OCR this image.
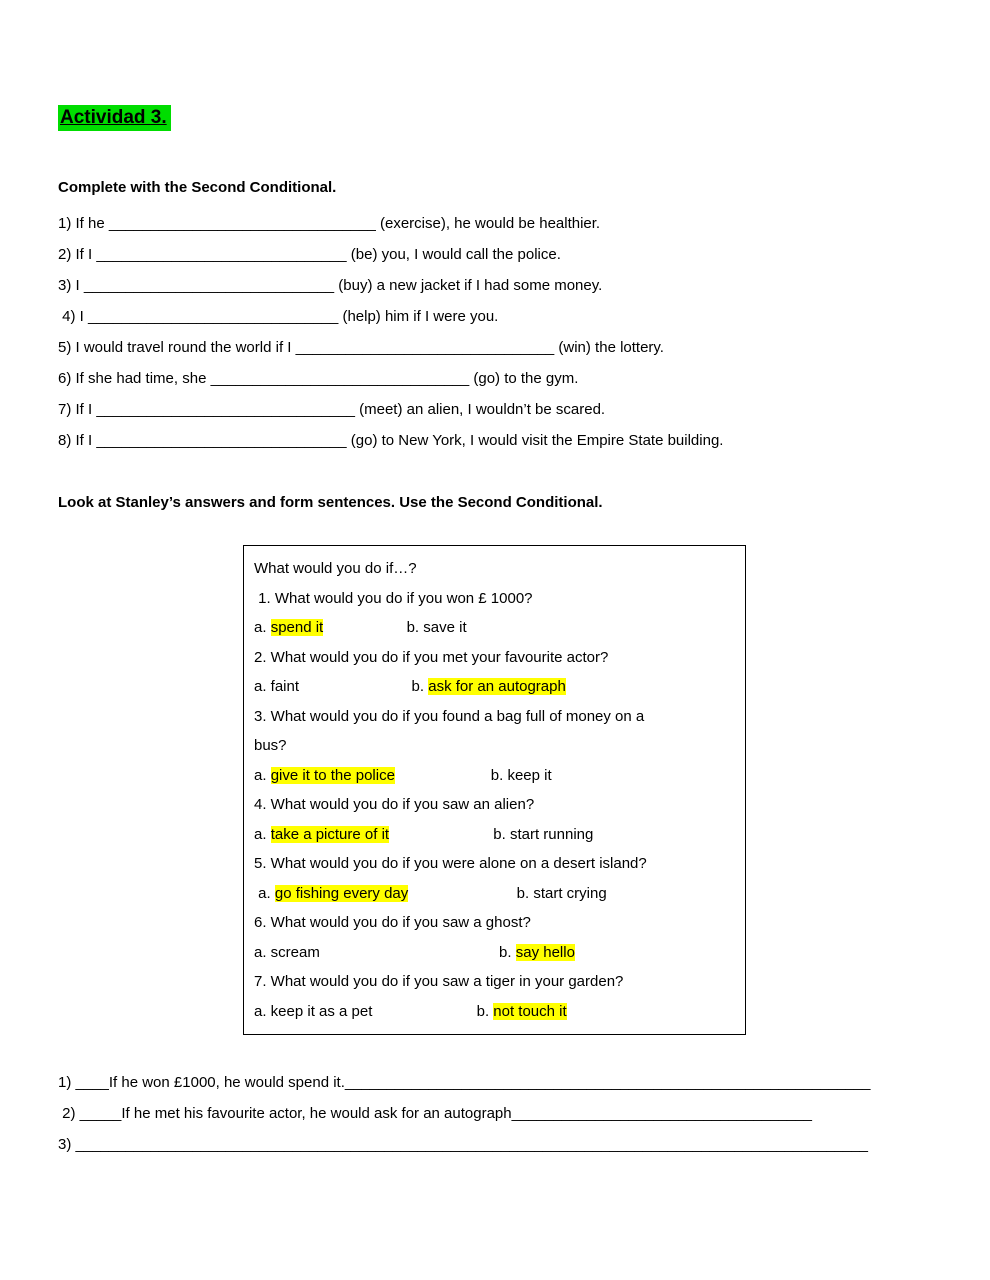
Actividad 3.

Complete with the Second Conditional.

1) If he ________________________________ (exercise), he would be healthier.
2) If I ______________________________ (be) you, I would call the police.
3) I ______________________________ (buy) a new jacket if I had some money.
4) I ______________________________ (help) him if I were you.
5) I would travel round the world if I _______________________________ (win) the lottery.
6) If she had time, she _______________________________ (go) to the gym.
7) If I _______________________________ (meet) an alien, I wouldn’t be scared.
8) If I ______________________________ (go) to New York, I would visit the Empire State building.

Look at Stanley’s answers and form sentences. Use the Second Conditional.

What would you do if…?
1. What would you do if you won £ 1000?
a. spend it                    b. save it
2. What would you do if you met your favourite actor?
a. faint                           b. ask for an autograph
3. What would you do if you found a bag full of money on a
bus?
a. give it to the police                       b. keep it
4. What would you do if you saw an alien?
a. take a picture of it                         b. start running
5. What would you do if you were alone on a desert island?
a. go fishing every day                          b. start crying
6. What would you do if you saw a ghost?
a. scream                                           b. say hello
7. What would you do if you saw a tiger in your garden?
a. keep it as a pet                         b. not touch it
1) ____If he won £1000, he would spend it._______________________________________________________________
2) _____If he met his favourite actor, he would ask for an autograph____________________________________
3) _______________________________________________________________________________________________
